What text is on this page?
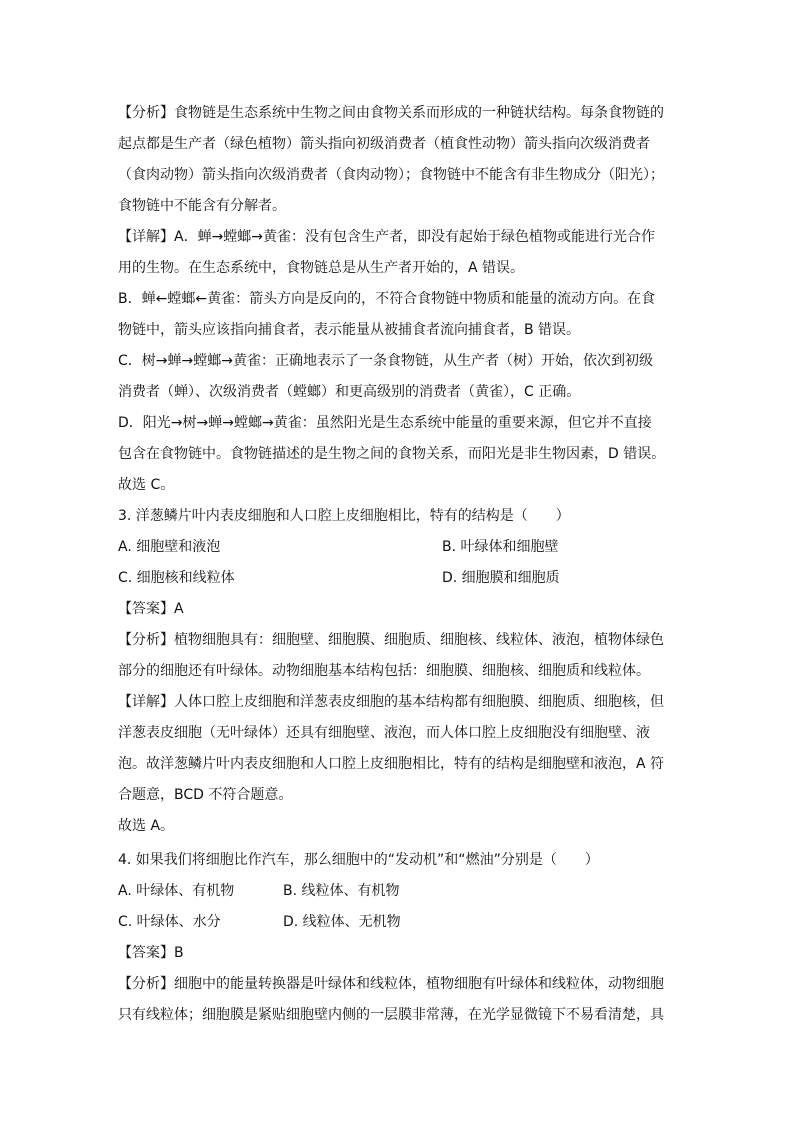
【分析】食物链是生态系统中生物之间由食物关系而形成的一种链状结构。每条食物链的
起点都是生产者（绿色植物）箭头指向初级消费者（植食性动物）箭头指向次级消费者
（食肉动物）箭头指向次级消费者（食肉动物）；食物链中不能含有非生物成分（阳光）；
食物链中不能含有分解者。
【详解】A．蝉→螳螂→黄雀：没有包含生产者，即没有起始于绿色植物或能进行光合作
用的生物。在生态系统中，食物链总是从生产者开始的，A 错误。
B．蝉←螳螂←黄雀：箭头方向是反向的，不符合食物链中物质和能量的流动方向。在食
物链中，箭头应该指向捕食者，表示能量从被捕食者流向捕食者，B 错误。
C．树→蝉→螳螂→黄雀：正确地表示了一条食物链，从生产者（树）开始，依次到初级
消费者（蝉）、次级消费者（螳螂）和更高级别的消费者（黄雀），C 正确。
D．阳光→树→蝉→螳螂→黄雀：虽然阳光是生态系统中能量的重要来源，但它并不直接
包含在食物链中。食物链描述的是生物之间的食物关系，而阳光是非生物因素，D 错误。
故选 C。
3. 洋葱鳞片叶内表皮细胞和人口腔上皮细胞相比，特有的结构是（　　）
A. 细胞壁和液泡	B. 叶绿体和细胞壁
C. 细胞核和线粒体	D. 细胞膜和细胞质
【答案】A
【分析】植物细胞具有：细胞壁、细胞膜、细胞质、细胞核、线粒体、液泡，植物体绿色
部分的细胞还有叶绿体。动物细胞基本结构包括：细胞膜、细胞核、细胞质和线粒体。
【详解】人体口腔上皮细胞和洋葱表皮细胞的基本结构都有细胞膜、细胞质、细胞核，但
洋葱表皮细胞（无叶绿体）还具有细胞壁、液泡，而人体口腔上皮细胞没有细胞壁、液
泡。故洋葱鳞片叶内表皮细胞和人口腔上皮细胞相比，特有的结构是细胞壁和液泡，A 符
合题意，BCD 不符合题意。
故选 A。
4. 如果我们将细胞比作汽车，那么细胞中的“发动机”和“燃油”分别是（　　）
A. 叶绿体、有机物	B. 线粒体、有机物
C. 叶绿体、水分	D. 线粒体、无机物
【答案】B
【分析】细胞中的能量转换器是叶绿体和线粒体，植物细胞有叶绿体和线粒体，动物细胞
只有线粒体；细胞膜是紧贴细胞壁内侧的一层膜非常薄，在光学显微镜下不易看清楚，具
